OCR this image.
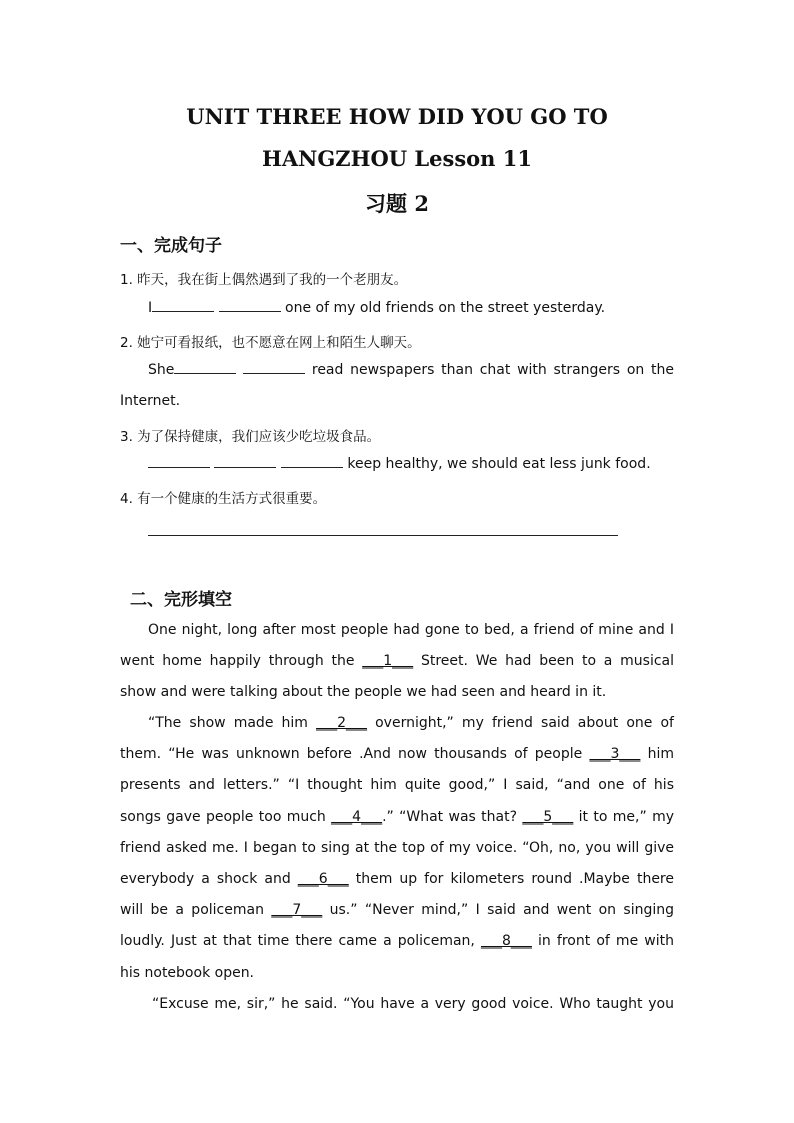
UNIT THREE HOW DID YOU GO TO
HANGZHOU Lesson 11
习题 2
一、完成句子
1. 昨天，我在街上偶然遇到了我的一个老朋友。
I	one of my old friends on the street yesterday.
2. 她宁可看报纸，也不愿意在网上和陌生人聊天。
She	read newspapers than chat with strangers on the
Internet.
3. 为了保持健康，我们应该少吃垃圾食品。
keep healthy, we should eat less junk food.
4. 有一个健康的生活方式很重要。
二、完形填空
One night, long after most people had gone to bed, a friend of mine and I
went home happily through the ___1___ Street. We had been to a musical
show and were talking about the people we had seen and heard in it.
“The show made him ___2___ overnight,” my friend said about one of
them. “He was unknown before .And now thousands of people ___3___ him
presents and letters.” “I thought him quite good,” I said, “and one of his
songs gave people too much ___4___.” “What was that? ___5___ it to me,” my
friend asked me. I began to sing at the top of my voice. “Oh, no, you will give
everybody a shock and ___6___ them up for kilometers round .Maybe there
will be a policeman ___7___ us.” “Never mind,” I said and went on singing
loudly. Just at that time there came a policeman, ___8___ in front of me with
his notebook open.
“Excuse me, sir,” he said. “You have a very good voice. Who taught you
